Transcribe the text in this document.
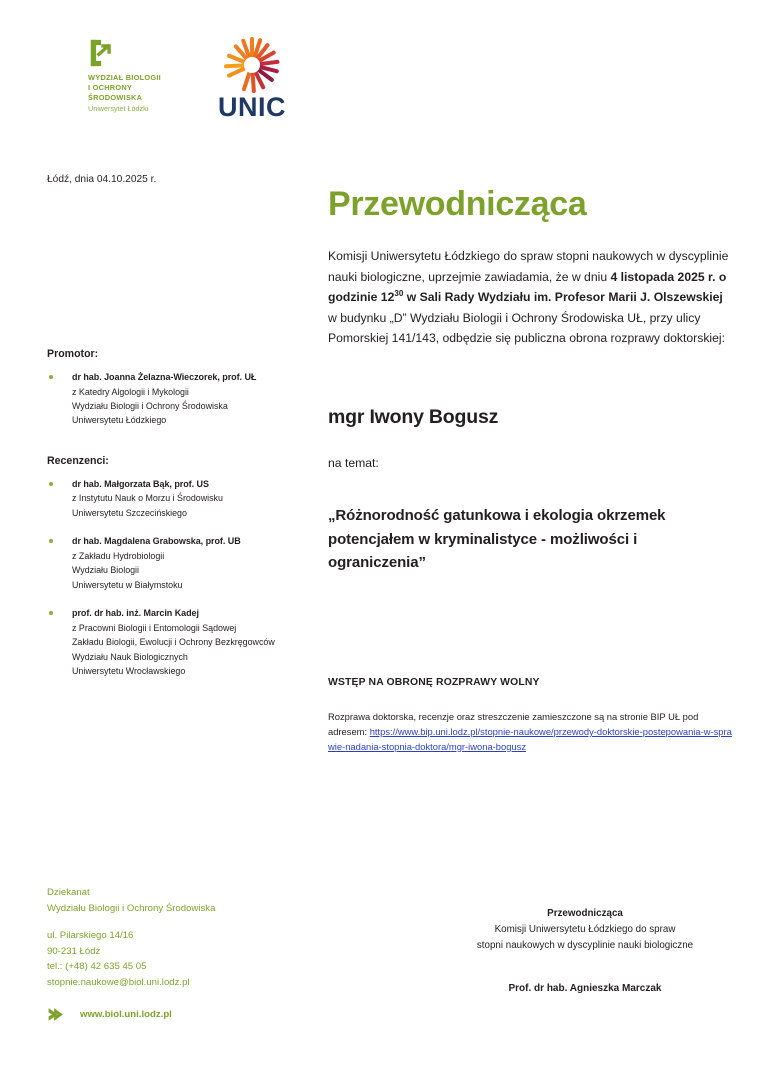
WYDZIAŁ BIOLOGII
I OCHRONY
ŚRODOWISKA
Uniwersytet Łódzki	UNIC
Łódź, dnia 04.10.2025 r.
Promotor:
dr hab. Joanna Żelazna-Wieczorek, prof. UŁ
z Katedry Algologii i Mykologii
Wydziału Biologii i Ochrony Środowiska
Uniwersytetu Łódzkiego
Recenzenci:
dr hab. Małgorzata Bąk, prof. US
z Instytutu Nauk o Morzu i Środowisku
Uniwersytetu Szczecińskiego
dr hab. Magdalena Grabowska, prof. UB
z Zakładu Hydrobiologii
Wydziału Biologii
Uniwersytetu w Białymstoku
prof. dr hab. inż. Marcin Kadej
z Pracowni Biologii i Entomologii Sądowej
Zakładu Biologii, Ewolucji i Ochrony Bezkręgowców
Wydziału Nauk Biologicznych
Uniwersytetu Wrocławskiego
Przewodnicząca
Komisji Uniwersytetu Łódzkiego do spraw stopni naukowych w dyscyplinie nauki biologiczne, uprzejmie zawiadamia, że w dniu 4 listopada 2025 r. o godzinie $12^{30}$ w Sali Rady Wydziału im. Profesor Marii J. Olszewskiej w budynku „D” Wydziału Biologii i Ochrony Środowiska UŁ, przy ulicy Pomorskiej 141/143, odbędzie się publiczna obrona rozprawy doktorskiej:
mgr Iwony Bogusz
na temat:
„Różnorodność gatunkowa i ekologia okrzemek potencjałem w kryminalistyce - możliwości i ograniczenia”
WSTĘP NA OBRONĘ ROZPRAWY WOLNY
Rozprawa doktorska, recenzje oraz streszczenie zamieszczone są na stronie BIP UŁ pod adresem: https://www.bip.uni.lodz.pl/stopnie-naukowe/przewody-doktorskie-postepowania-w-sprawie-nadania-stopnia-doktora/mgr-iwona-bogusz
Dziekanat
Wydziału Biologii i Ochrony Środowiska
ul. Pilarskiego 14/16
90-231 Łódź
tel.: (+48) 42 635 45 05
stopnie.naukowe@biol.uni.lodz.pl
www.biol.uni.lodz.pl
Przewodnicząca
Komisji Uniwersytetu Łódzkiego do spraw
stopni naukowych w dyscyplinie nauki biologiczne
Prof. dr hab. Agnieszka Marczak
